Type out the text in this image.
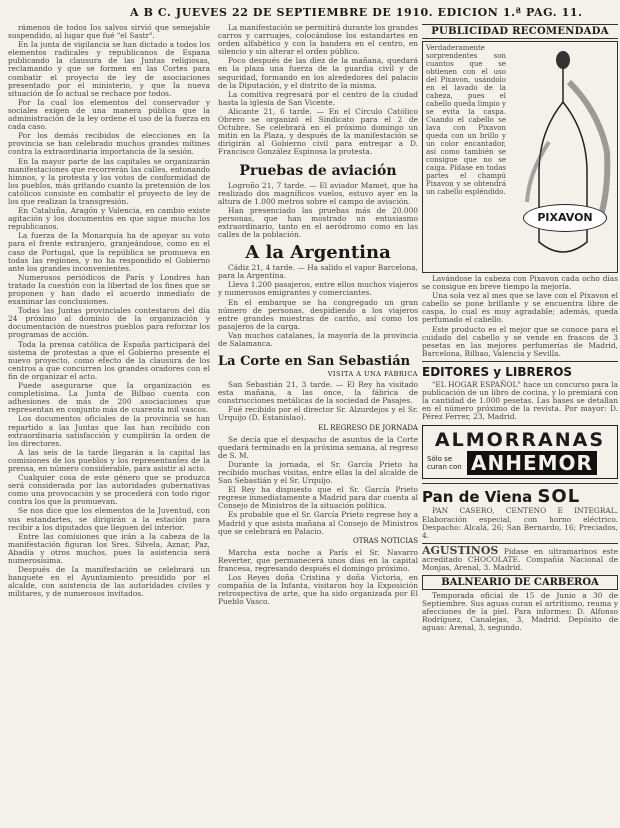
A B C. JUEVES 22 DE SEPTIEMBRE DE 1910. EDICION 1.ª PAG. 11.
rámenos de todos Ios salvos sirvió que semejable suspendido, al lugar que fué "el Sastr".
En Ia junta de vigilancia se han dictado a todos los elementos radicales y republicanos de Espana publicando la clausura de las Juntas religiosas, reclamando y que se formen en las Cortes para combatir el proyecto de ley de asociaciones presentado por el ministerio, y que Ia nueva situación de Io actual se rechace por todos.
Por Ia cual los elementos del conservador y sociales exigen de una manera pública que la administración de la ley ordene el uso de la fuerza en cada caso.
Por los demás recibidos de elecciones en Ia provincia se han celebrado muchos grandes mítines contra la extraordinaria importancia de la sesión.
En Ia mayor parte de las capitales se organizarán manifestaciones que recorrerán las calles, entonando himnos, y la protesta y los votos de conformidad de los pueblos, más gritando cuanto la pretensión de los católicos consiste en combatir el proyecto de ley de los que realizan la transgresión.
En Cataluña, Aragón y Valencia, en cambio existe agitación y los documentos en que sigue mucho los republicanos.
La fuerza de Ia Monarquía ha de apoyar su voto para el frente extranjero, granjeándose, como en el caso de Portugal, que la república se promueva en todas las regiones, y no ha respondido el Gobierno ante los grandes inconvenientes.
Numerosos periódicos de París y Londres han tratado Ia cuestión con la libertad de los fines que se proponen y han dado el acuerdo inmediato de examinar las conclusiones.
Todas las Juntas provinciales contestaron del día 24 próximo al dominio de la organización y documentación de nuestros pueblos para reforzar los programas de acción.
Toda la prensa católica de España participará del sistema de protestas a que el Gobierno presente el nuevo proyecto, como efecto de la clausura de los centros a que concurren los grandes oradores con el fin de organizar el acto.
Puede asegurarse que Ia organización es completísima. La Junta de Bilbao cuenta con adhesiones de más de 200 asociaciones que representan en conjunto más de cuarenta mil vascos.
Los documentos oficiales de la provincia se han repartido a las Juntas que Ias han recibido con extraordinaria satisfacción y cumplirán la orden de los directores.
A las seis de la tarde llegarán a la capital las comisiones de los pueblos y los representantes de la prensa, en número considerable, para asistir al acto.
Cualquier cosa de este género que se produzca será considerada por las autoridades gubernativas como una provocación y se procederá con todo rigor contra los que la promuevan.
Se nos dice que los elementos de la Juventud, con sus estandartes, se dirigirán a la estación para recibir a los diputados que lleguen del interior.
Entre las comisiones que irán a Ia cabeza de la manifestación figuran los Sres. Silvela, Aznar, Paz, Abadía y otros muchos, pues la asistencia será numerosísima.
Después de Ia manifestación se celebrará un banquete en el Ayuntamiento presidido por el alcalde, con asistencia de las autoridades civiles y militares, y de numerosos invitados.
La manifestación se permitirá durante los grandes carros y carruajes, colocándose los estandartes en orden alfabético y con la bandera en el centro, en silencio y sin alterar el orden público.
Poco después de las diez de la mañana, quedará en la plaza una fuerza de la guardia civil y de seguridad, formando en los alrededores del palacio de la Diputación, y el distrito de la misma.
La comitiva regresará por el centro de la ciudad hasta la iglesia de San Vicente.
Alicante 21, 6 tarde. — En el Círculo Católico Obrero se organizó el Sindicato para el 2 de Octubre. Se celebrará en el próximo domingo un mitin en la Plaza, y después de la manifestación se dirigirán al Gobierno civil para entregar a D. Francisco González Espinosa la protesta.
Pruebas de aviación
Logroño 21, 7 tarde. — El aviador Mamet, que ha realizado dos magníficos vuelos, estuvo ayer en la altura de 1.000 metros sobre el campo de aviación.
Han presenciado las pruebas más de 20.000 personas, que han mostrado un entusiasmo extraordinario, tanto en el aeródromo como en las calles de la población.
A la Argentina
Cádiz 21, 4 tarde. — Ha salido el vapor Barcelona, para la Argentina.
Lleva 1.200 pasajeros, entre ellos muchos viajeros y numerosos emigrantes y comerciantes.
En el embarque se ha congregado un gran número de personas, despidiendo a los viajeros entre grandes muestras de cariño, así como los pasajeros de la carga.
Van muchos catalanes, la mayoría de la provincia de Salamanca.
La Corte en San Sebastián
VISITA A UNA FÁBRICA
San Sebastián 21, 3 tarde. — El Rey ha visitado esta mañana, a las once, la fábrica de construcciones metálicas de la sociedad de Pasajes.
Fué recibido por el director Sr. Alzurdejos y el Sr. Urquijo (D. Estanislao).
EL REGRESO DE JORNADA
Se decía que el despacho de asuntos de la Corte quedará terminado en la próxima semana, al regreso de S. M.
Durante la jornada, el Sr. García Prieto ha recibido muchas visitas, entre ellas la del alcalde de San Sebastián y el Sr. Urquijo.
El Rey ha dispuesto que el Sr. García Prieto regrese inmediatamente a Madrid para dar cuenta al Consejo de Ministros de la situación política.
Es probable que el Sr. García Prieto regrese hoy a Madrid y que asista mañana al Consejo de Ministros que se celebrará en Palacio.
OTRAS NOTICIAS
Marcha esta noche a París el Sr. Navarro Reverter, que permanecerá unos días en la capital francesa, regresando después el domingo próximo.
Los Reyes doña Cristina y doña Victoria, en compañía de la Infanta, visitaron hoy la Exposición retrospectiva de arte, que ha sido organizada por El Pueblo Vasco.
PUBLICIDAD RECOMENDADA
Verdaderamente sorprendentes son cuantos que se obtienen con el uso del Pixavon, usándolo en el lavado de la cabeza, pues el cabello queda limpio y se evita la caspa. Cuando el cabello se lava con Pixavon queda con un brillo y un color encantador, así como también se consigue que no se caiga. Pídase en todas partes el champú Pixavon y se obtendrá un cabello espléndido.
PIXAVON
Lavándose la cabeza con Pixavon cada ocho días se consigue en breve tiempo la mejoría.
Una sola vez al mes que se lave con el Pixavon el cabello se pone brillante y se encuentra libre de caspa, lo cual es muy agradable; además, queda perfumado el cabello.
Este producto es el mejor que se conoce para el cuidado del cabello y se vende en frascos de 3 pesetas en las mejores perfumerías de Madrid, Barcelona, Bilbao, Valencia y Sevilla.
EDITORES y LIBREROS
"EL HOGAR ESPAÑOL" hace un concurso para la publicación de un libro de cocina, y lo premiará con la cantidad de 1.000 pesetas. Las bases se detallan en el número próximo de la revista. Por mayor: D. Pérez Ferrer, 23, Madrid.
ALMORRANAS
Sólo se curan con ANHEMOR
Pan de Viena SOL
PAN CASERO, CENTENO E INTEGRAL. Elaboración especial, con horno eléctrico. Despacho: Alcalá, 26; San Bernardo, 16; Preciados, 4.
AGUSTINOS Pídase en ultramarinos este acreditado CHOCOLATE. Compañía Nacional de Monjas, Arenal, 3. Madrid.
BALNEARIO DE CARBEROA
Temporada oficial de 15 de Junio a 30 de Septiembre. Sus aguas curan el artritismo, reuma y afecciones de la piel. Para informes: D. Alfonso Rodríguez, Canalejas, 3, Madrid. Depósito de aguas: Arenal, 3, segundo.
